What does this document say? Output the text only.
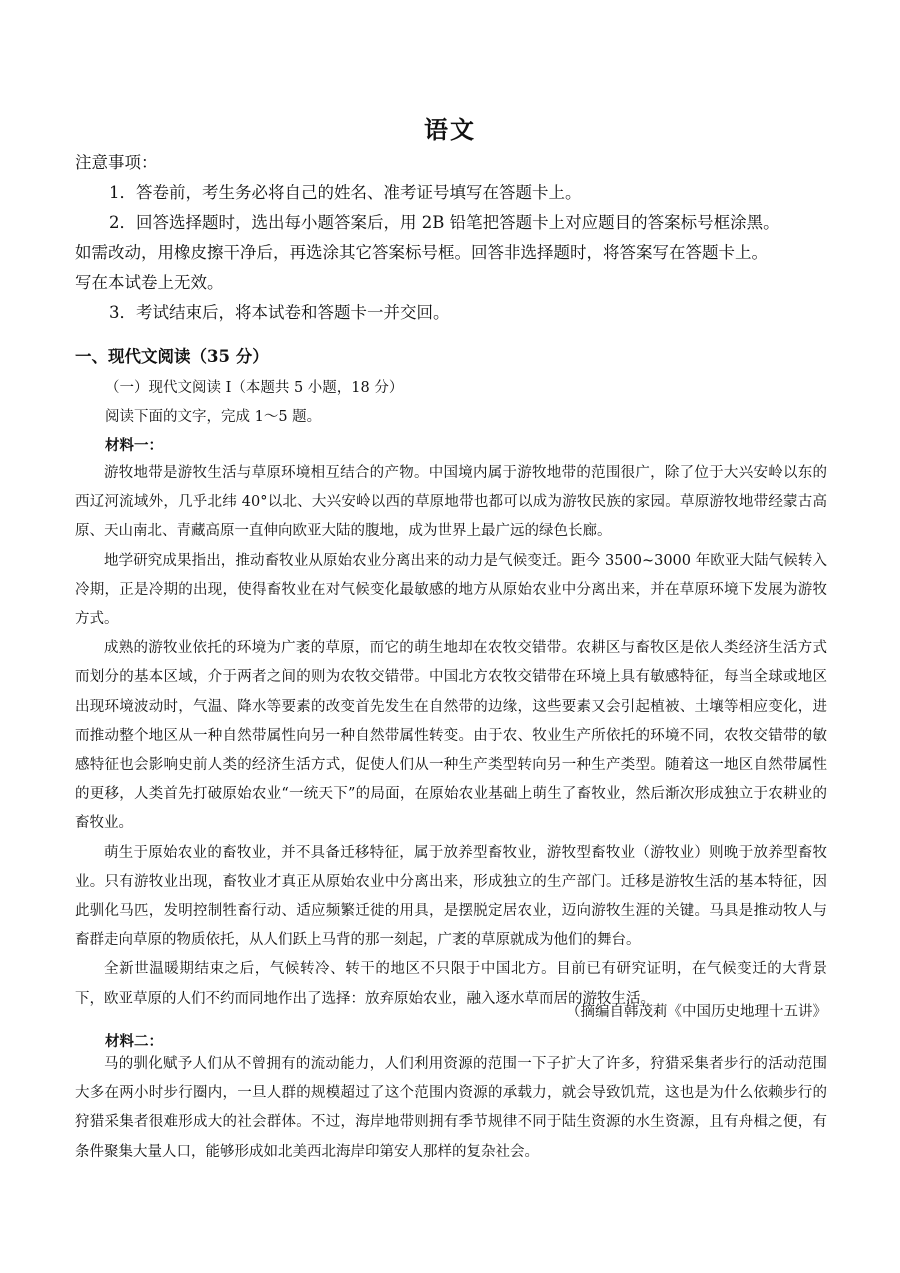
语文
注意事项：

1．答卷前，考生务必将自己的姓名、准考证号填写在答题卡上。

2．回答选择题时，选出每小题答案后，用 2B 铅笔把答题卡上对应题目的答案标号框涂黑。

如需改动，用橡皮擦干净后，再选涂其它答案标号框。回答非选择题时，将答案写在答题卡上。

写在本试卷上无效。

3．考试结束后，将本试卷和答题卡一并交回。

一、现代文阅读（35 分）
（一）现代文阅读 I（本题共 5 小题，18 分）
阅读下面的文字，完成 1～5 题。
材料一：

游牧地带是游牧生活与草原环境相互结合的产物。中国境内属于游牧地带的范围很广，除了位于大兴安岭以东的西辽河流域外，几乎北纬 40°以北、大兴安岭以西的草原地带也都可以成为游牧民族的家园。草原游牧地带经蒙古高原、天山南北、青藏高原一直伸向欧亚大陆的腹地，成为世界上最广远的绿色长廊。

地学研究成果指出，推动畜牧业从原始农业分离出来的动力是气候变迁。距今 3500~3000 年欧亚大陆气候转入冷期，正是冷期的出现，使得畜牧业在对气候变化最敏感的地方从原始农业中分离出来，并在草原环境下发展为游牧方式。

成熟的游牧业依托的环境为广袤的草原，而它的萌生地却在农牧交错带。农耕区与畜牧区是依人类经济生活方式而划分的基本区域，介于两者之间的则为农牧交错带。中国北方农牧交错带在环境上具有敏感特征，每当全球或地区出现环境波动时，气温、降水等要素的改变首先发生在自然带的边缘，这些要素又会引起植被、土壤等相应变化，进而推动整个地区从一种自然带属性向另一种自然带属性转变。由于农、牧业生产所依托的环境不同，农牧交错带的敏感特征也会影响史前人类的经济生活方式，促使人们从一种生产类型转向另一种生产类型。随着这一地区自然带属性的更移，人类首先打破原始农业“一统天下”的局面，在原始农业基础上萌生了畜牧业，然后渐次形成独立于农耕业的畜牧业。

萌生于原始农业的畜牧业，并不具备迁移特征，属于放养型畜牧业，游牧型畜牧业（游牧业）则晚于放养型畜牧业。只有游牧业出现，畜牧业才真正从原始农业中分离出来，形成独立的生产部门。迁移是游牧生活的基本特征，因此驯化马匹，发明控制牲畜行动、适应频繁迁徙的用具，是摆脱定居农业，迈向游牧生涯的关键。马具是推动牧人与畜群走向草原的物质依托，从人们跃上马背的那一刻起，广袤的草原就成为他们的舞台。

全新世温暖期结束之后，气候转冷、转干的地区不只限于中国北方。目前已有研究证明，在气候变迁的大背景下，欧亚草原的人们不约而同地作出了选择：放弃原始农业，融入逐水草而居的游牧生活。

（摘编自韩茂莉《中国历史地理十五讲》
材料二：

马的驯化赋予人们从不曾拥有的流动能力，人们利用资源的范围一下子扩大了许多，狩猎采集者步行的活动范围大多在两小时步行圈内，一旦人群的规模超过了这个范围内资源的承载力，就会导致饥荒，这也是为什么依赖步行的狩猎采集者很难形成大的社会群体。不过，海岸地带则拥有季节规律不同于陆生资源的水生资源，且有舟楫之便，有条件聚集大量人口，能够形成如北美西北海岸印第安人那样的复杂社会。
